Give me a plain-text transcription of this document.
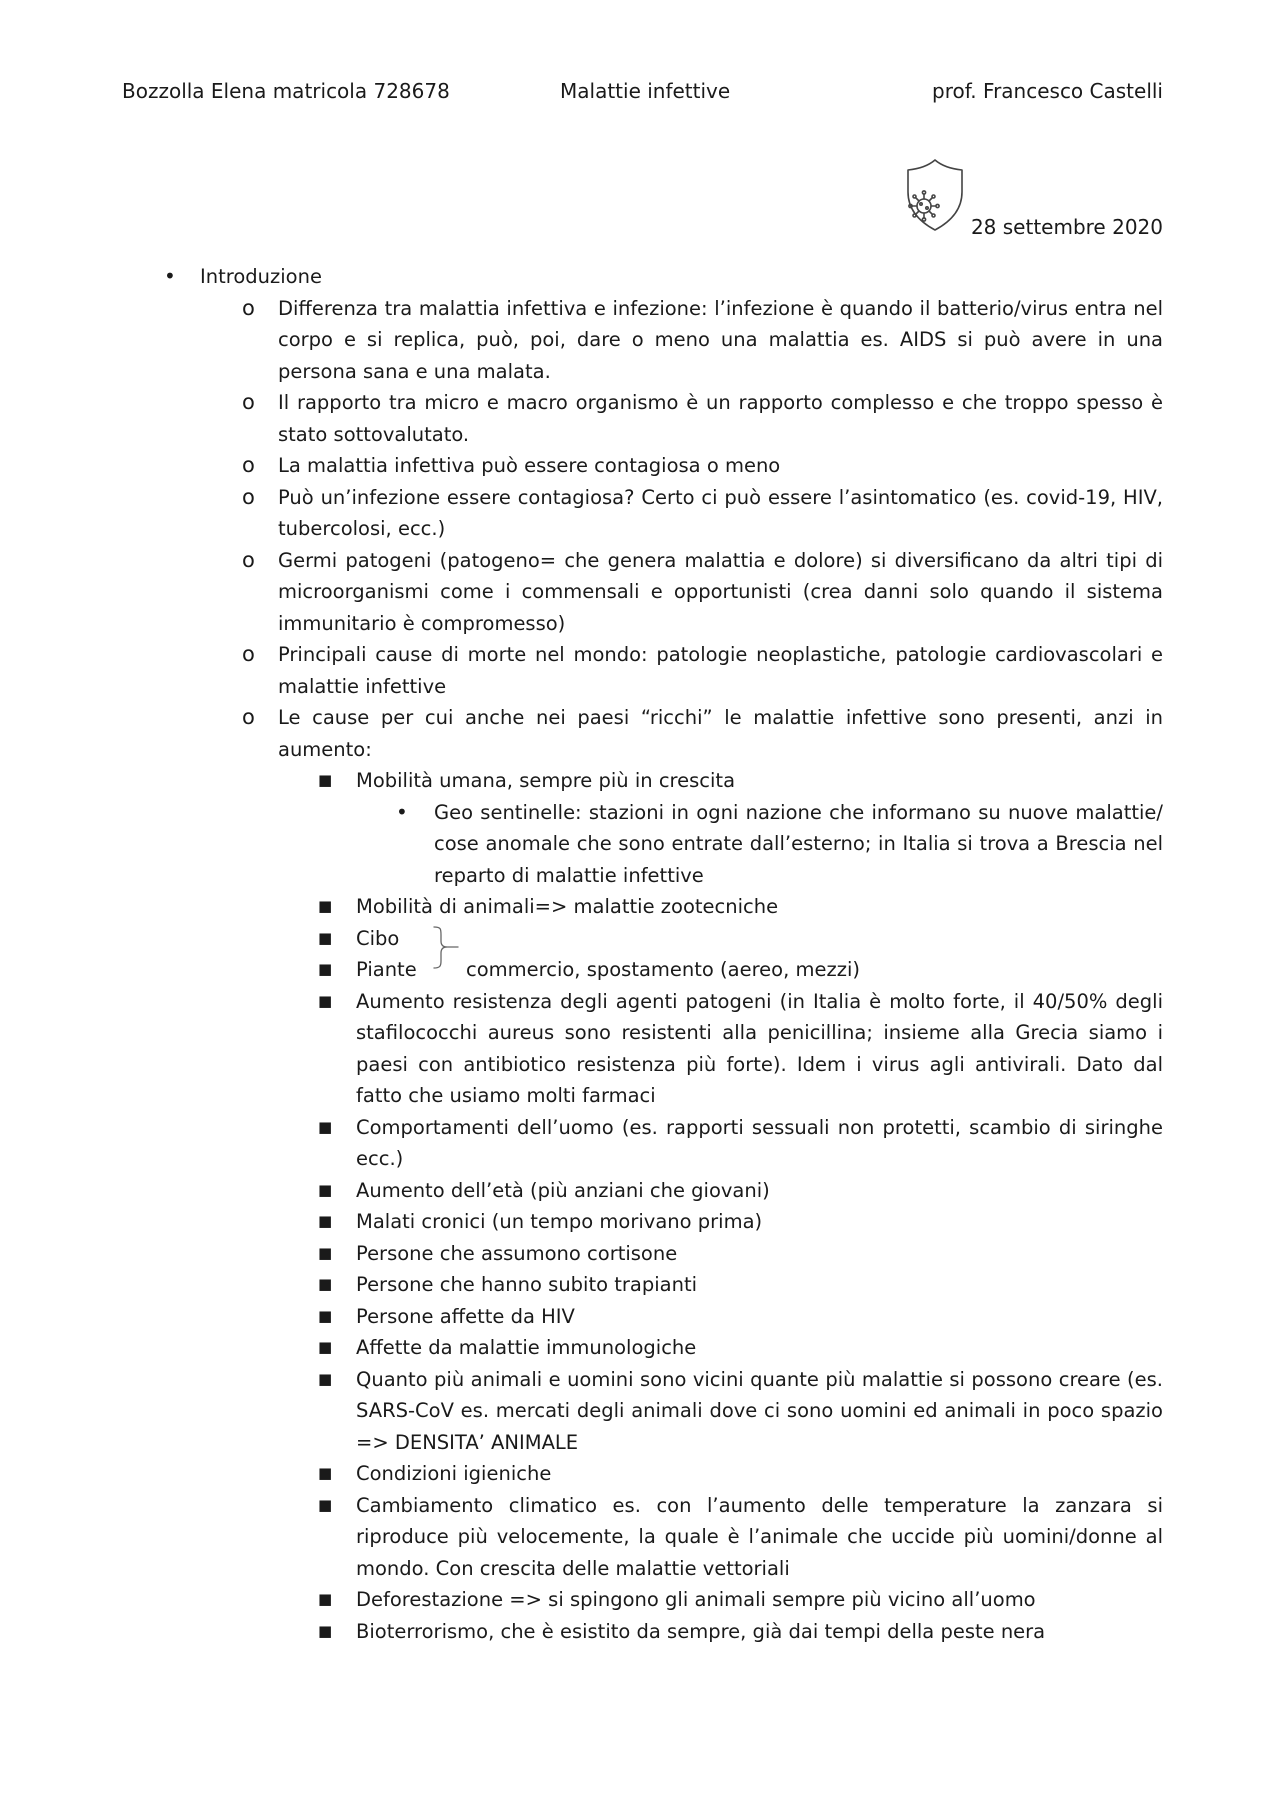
Bozzolla Elena matricola 728678	Malattie infettive	prof. Francesco Castelli
28 settembre 2020
• Introduzione
o Differenza tra malattia infettiva e infezione: l’infezione è quando il batterio/virus entra nel corpo e si replica, può, poi, dare o meno una malattia es. AIDS si può avere in una persona sana e una malata.
o Il rapporto tra micro e macro organismo è un rapporto complesso e che troppo spesso è stato sottovalutato.
o La malattia infettiva può essere contagiosa o meno
o Può un’infezione essere contagiosa? Certo ci può essere l’asintomatico (es. covid-19, HIV, tubercolosi, ecc.)
o Germi patogeni (patogeno= che genera malattia e dolore) si diversificano da altri tipi di microorganismi come i commensali e opportunisti (crea danni solo quando il sistema immunitario è compromesso)
o Principali cause di morte nel mondo: patologie neoplastiche, patologie cardiovascolari e malattie infettive
o Le cause per cui anche nei paesi “ricchi” le malattie infettive sono presenti, anzi in aumento:
■ Mobilità umana, sempre più in crescita
• Geo sentinelle: stazioni in ogni nazione che informano su nuove malattie/ cose anomale che sono entrate dall’esterno; in Italia si trova a Brescia nel reparto di malattie infettive
■ Mobilità di animali=> malattie zootecniche
■ Cibo
■ Piante	commercio, spostamento (aereo, mezzi)
■ Aumento resistenza degli agenti patogeni (in Italia è molto forte, il 40/50% degli stafilococchi aureus sono resistenti alla penicillina; insieme alla Grecia siamo i paesi con antibiotico resistenza più forte). Idem i virus agli antivirali. Dato dal fatto che usiamo molti farmaci
■ Comportamenti dell’uomo (es. rapporti sessuali non protetti, scambio di siringhe ecc.)
■ Aumento dell’età (più anziani che giovani)
■ Malati cronici (un tempo morivano prima)
■ Persone che assumono cortisone
■ Persone che hanno subito trapianti
■ Persone affette da HIV
■ Affette da malattie immunologiche
■ Quanto più animali e uomini sono vicini quante più malattie si possono creare (es. SARS-CoV es. mercati degli animali dove ci sono uomini ed animali in poco spazio => DENSITA’ ANIMALE
■ Condizioni igieniche
■ Cambiamento climatico es. con l’aumento delle temperature la zanzara si riproduce più velocemente, la quale è l’animale che uccide più uomini/donne al mondo. Con crescita delle malattie vettoriali
■ Deforestazione => si spingono gli animali sempre più vicino all’uomo
■ Bioterrorismo, che è esistito da sempre, già dai tempi della peste nera
